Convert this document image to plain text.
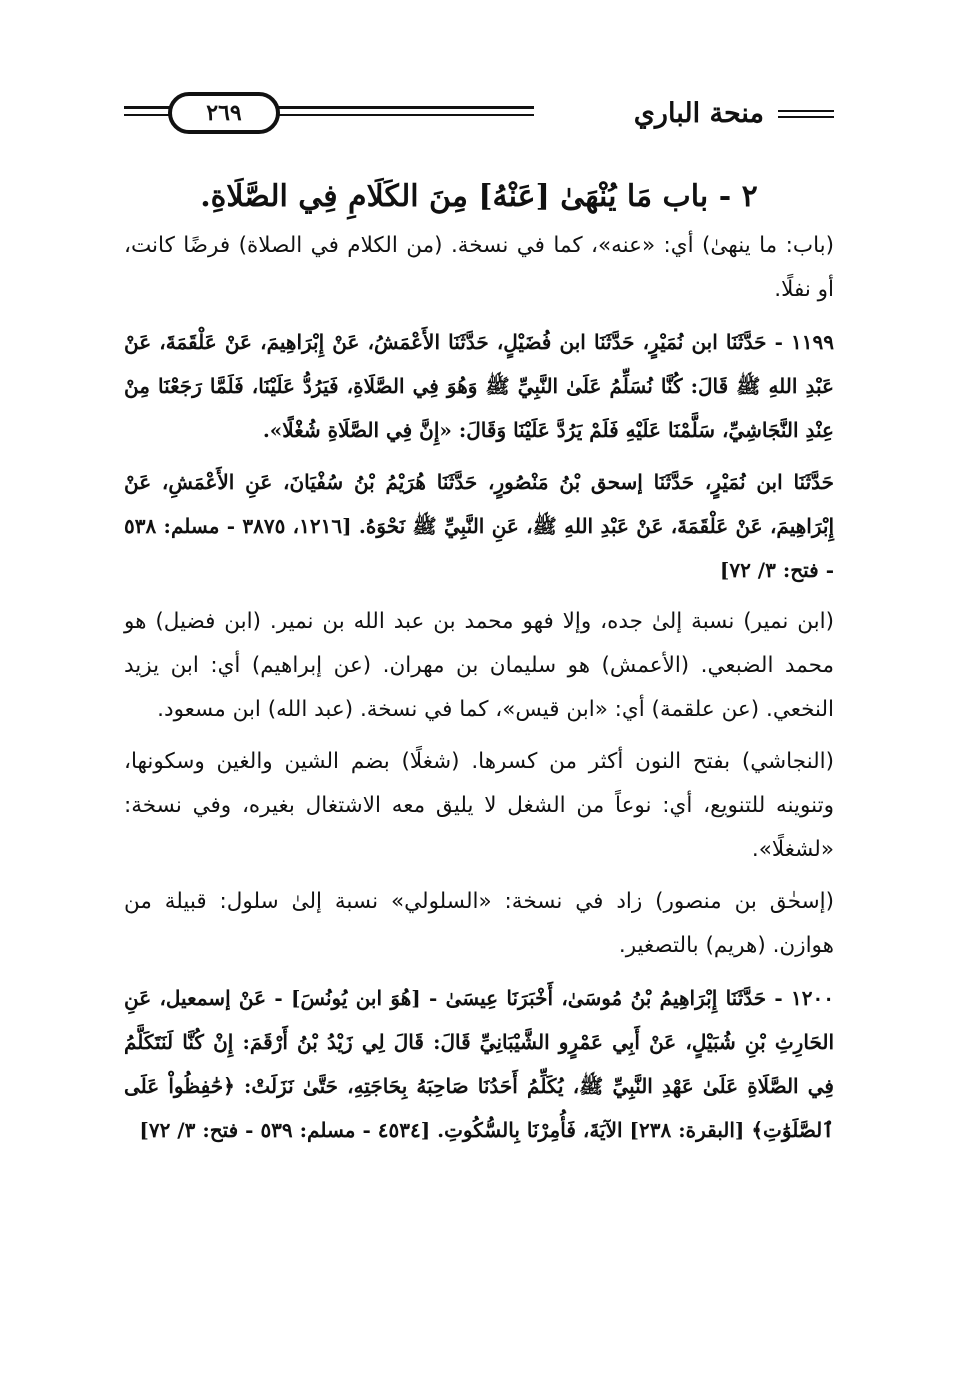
منحة الباري
٢٦٩
٢ - باب مَا يُنْهَىٰ [عَنْهُ] مِنَ الكَلَامِ فِي الصَّلَاةِ.

(باب: ما ينهىٰ) أي: «عنه»، كما في نسخة. (من الكلام في الصلاة) فرضًا كانت، أو نفلًا.

١١٩٩ - حَدَّثَنَا ابن نُمَيْرٍ، حَدَّثَنَا ابن فُضَيْلٍ، حَدَّثَنَا الأَعْمَشُ، عَنْ إِبْرَاهِيمَ، عَنْ عَلْقَمَةَ، عَنْ عَبْدِ اللهِ ﷺ قَالَ: كُنَّا نُسَلِّمُ عَلَىٰ النَّبِيِّ ﷺ وَهُوَ فِي الصَّلَاةِ، فَيَرُدُّ عَلَيْنَا، فَلَمَّا رَجَعْنَا مِنْ عِنْدِ النَّجَاشِيِّ، سَلَّمْنَا عَلَيْهِ فَلَمْ يَرُدَّ عَلَيْنَا وَقَالَ: «إِنَّ فِي الصَّلَاةِ شُغْلًا».

حَدَّثَنَا ابن نُمَيْرٍ، حَدَّثَنَا إسحق بْنُ مَنْصُورٍ، حَدَّثَنَا هُرَيْمُ بْنُ سُفْيَانَ، عَنِ الأَعْمَشِ، عَنْ إِبْرَاهِيمَ، عَنْ عَلْقَمَةَ، عَنْ عَبْدِ اللهِ ﷺ، عَنِ النَّبِيِّ ﷺ نَحْوَهُ. [١٢١٦، ٣٨٧٥ - مسلم: ٥٣٨ - فتح: ٣/ ٧٢]

(ابن نمير) نسبة إلىٰ جده، وإلا فهو محمد بن عبد الله بن نمير. (ابن فضيل) هو محمد الضبعي. (الأعمش) هو سليمان بن مهران. (عن إبراهيم) أي: ابن يزيد النخعي. (عن علقمة) أي: «ابن قيس»، كما في نسخة. (عبد الله) ابن مسعود.

(النجاشي) بفتح النون أكثر من كسرها. (شغلًا) بضم الشين والغين وسكونها، وتنوينه للتنويع، أي: نوعاً من الشغل لا يليق معه الاشتغال بغيره، وفي نسخة: «لشغلًا».

(إسحٰق بن منصور) زاد في نسخة: «السلولي» نسبة إلىٰ سلول: قبيلة من هوازن. (هريم) بالتصغير.

١٢٠٠ - حَدَّثَنَا إِبْرَاهِيمُ بْنُ مُوسَىٰ، أَخْبَرَنَا عِيسَىٰ - [هُوَ ابن يُونُسَ] - عَنْ إسمعيل، عَنِ الحَارِثِ بْنِ شُبَيْلٍ، عَنْ أَبِي عَمْرٍو الشَّيْبَانِيِّ قَالَ: قَالَ لِي زَيْدُ بْنُ أَرْقَمَ: إِنْ كُنَّا لَنَتَكَلَّمُ فِي الصَّلَاةِ عَلَىٰ عَهْدِ النَّبِيِّ ﷺ، يُكَلِّمُ أَحَدُنَا صَاحِبَهُ بِحَاجَتِهِ، حَتَّىٰ نَزَلَتْ: ﴿حَٰفِظُواْ عَلَى ٱلصَّلَوَٰتِ﴾ [البقرة: ٢٣٨] الآيَةَ، فَأُمِرْنَا بِالسُّكُوتِ. [٤٥٣٤ - مسلم: ٥٣٩ - فتح: ٣/ ٧٢]
